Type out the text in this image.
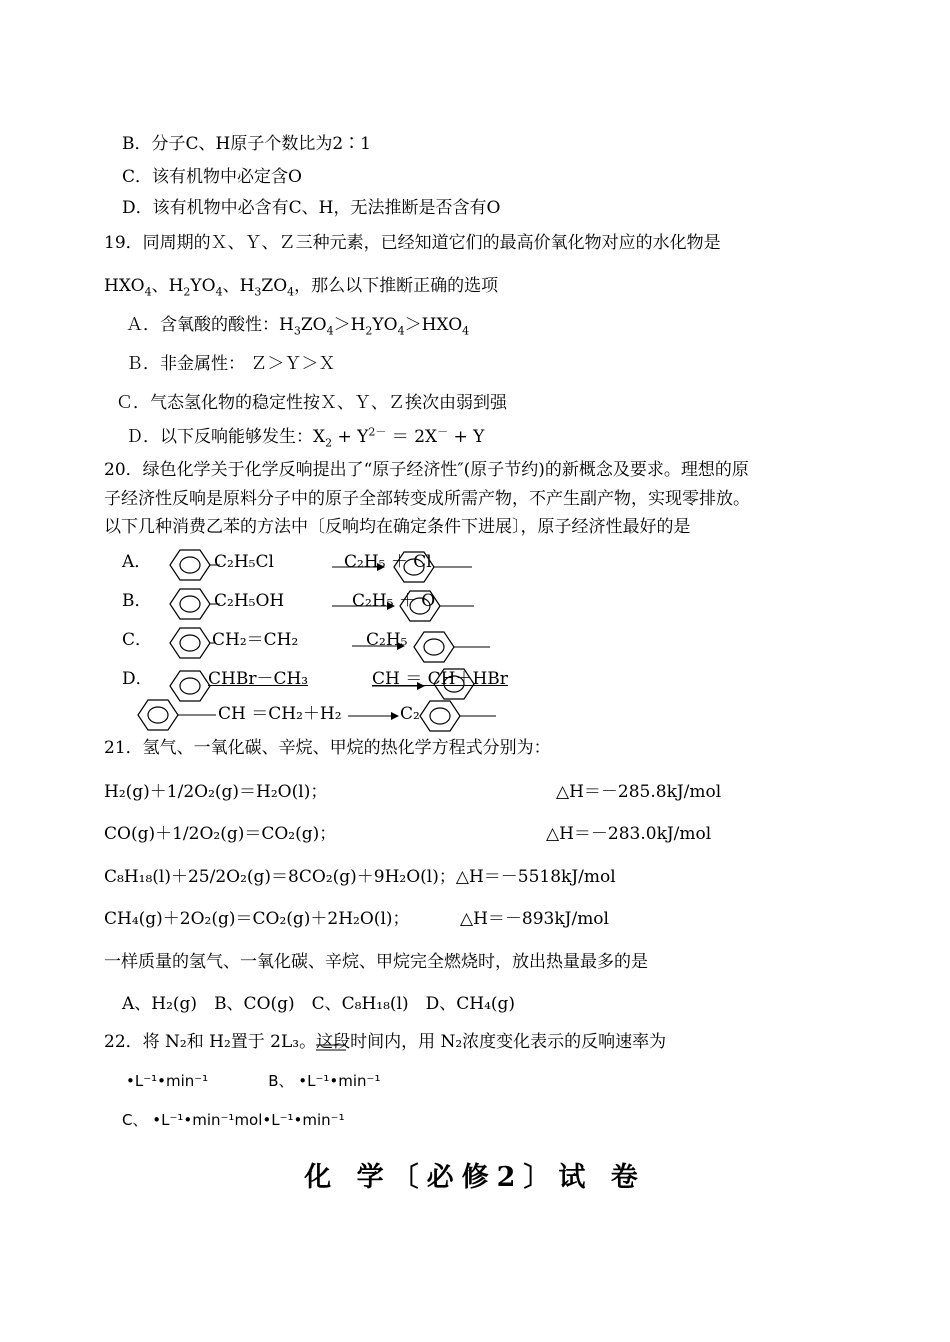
B．分子C、H原子个数比为2∶1
C．该有机物中必定含O
D．该有机物中必含有C、H，无法推断是否含有O
19．同周期的Ｘ、Ｙ、Ｚ三种元素，已经知道它们的最高价氧化物对应的水化物是
$HXO_4$、$H_2YO_4$、$H_3ZO_4$，那么以下推断正确的选项
Ａ．含氧酸的酸性：$H_3ZO_4>H_2YO_4>HXO_4$
Ｂ．非金属性： Ｚ＞Ｙ＞Ｘ
Ｃ．气态氢化物的稳定性按Ｘ、Ｙ、Ｚ挨次由弱到强
Ｄ．以下反响能够发生：$X_2 + Y^{2-} = 2X^- + Y$
20．绿色化学关于化学反响提出了“原子经济性″(原子节约)的新概念及要求。理想的原
子经济性反响是原料分子中的原子全部转变成所需产物，不产生副产物，实现零排放。
以下几种消费乙苯的方法中〔反响均在确定条件下进展〕，原子经济性最好的是
A．	C₂H₅Cl	C₂H₅ ＋ Cl
B．	C₂H₅OH	C₂H₅ ＋ O
C．	CH₂＝CH₂	C₂H₅
D．	CHBr－CH₃	CH ＝ CH＋HBr
CH ＝CH₂＋H₂	C₂
21．氢气、一氧化碳、辛烷、甲烷的热化学方程式分别为：
H₂(g)＋1/2O₂(g)＝H₂O(l)；	△H＝－285.8kJ/mol
CO(g)＋1/2O₂(g)＝CO₂(g)；	△H＝－283.0kJ/mol
C₈H₁₈(l)＋25/2O₂(g)＝8CO₂(g)＋9H₂O(l)；△H＝－5518kJ/mol
CH₄(g)＋2O₂(g)＝CO₂(g)＋2H₂O(l)；	△H＝－893kJ/mol
一样质量的氢气、一氧化碳、辛烷、甲烷完全燃烧时，放出热量最多的是
A、H₂(g)　B、CO(g)　C、C₈H₁₈(l)　D、CH₄(g)
22．将 N₂和 H₂置于 2L₃。这段时间内，用 N₂浓度变化表示的反响速率为
•L⁻¹•min⁻¹　　　　B、 •L⁻¹•min⁻¹
C、 •L⁻¹•min⁻¹mol•L⁻¹•min⁻¹
化 学〔必修2〕试 卷
